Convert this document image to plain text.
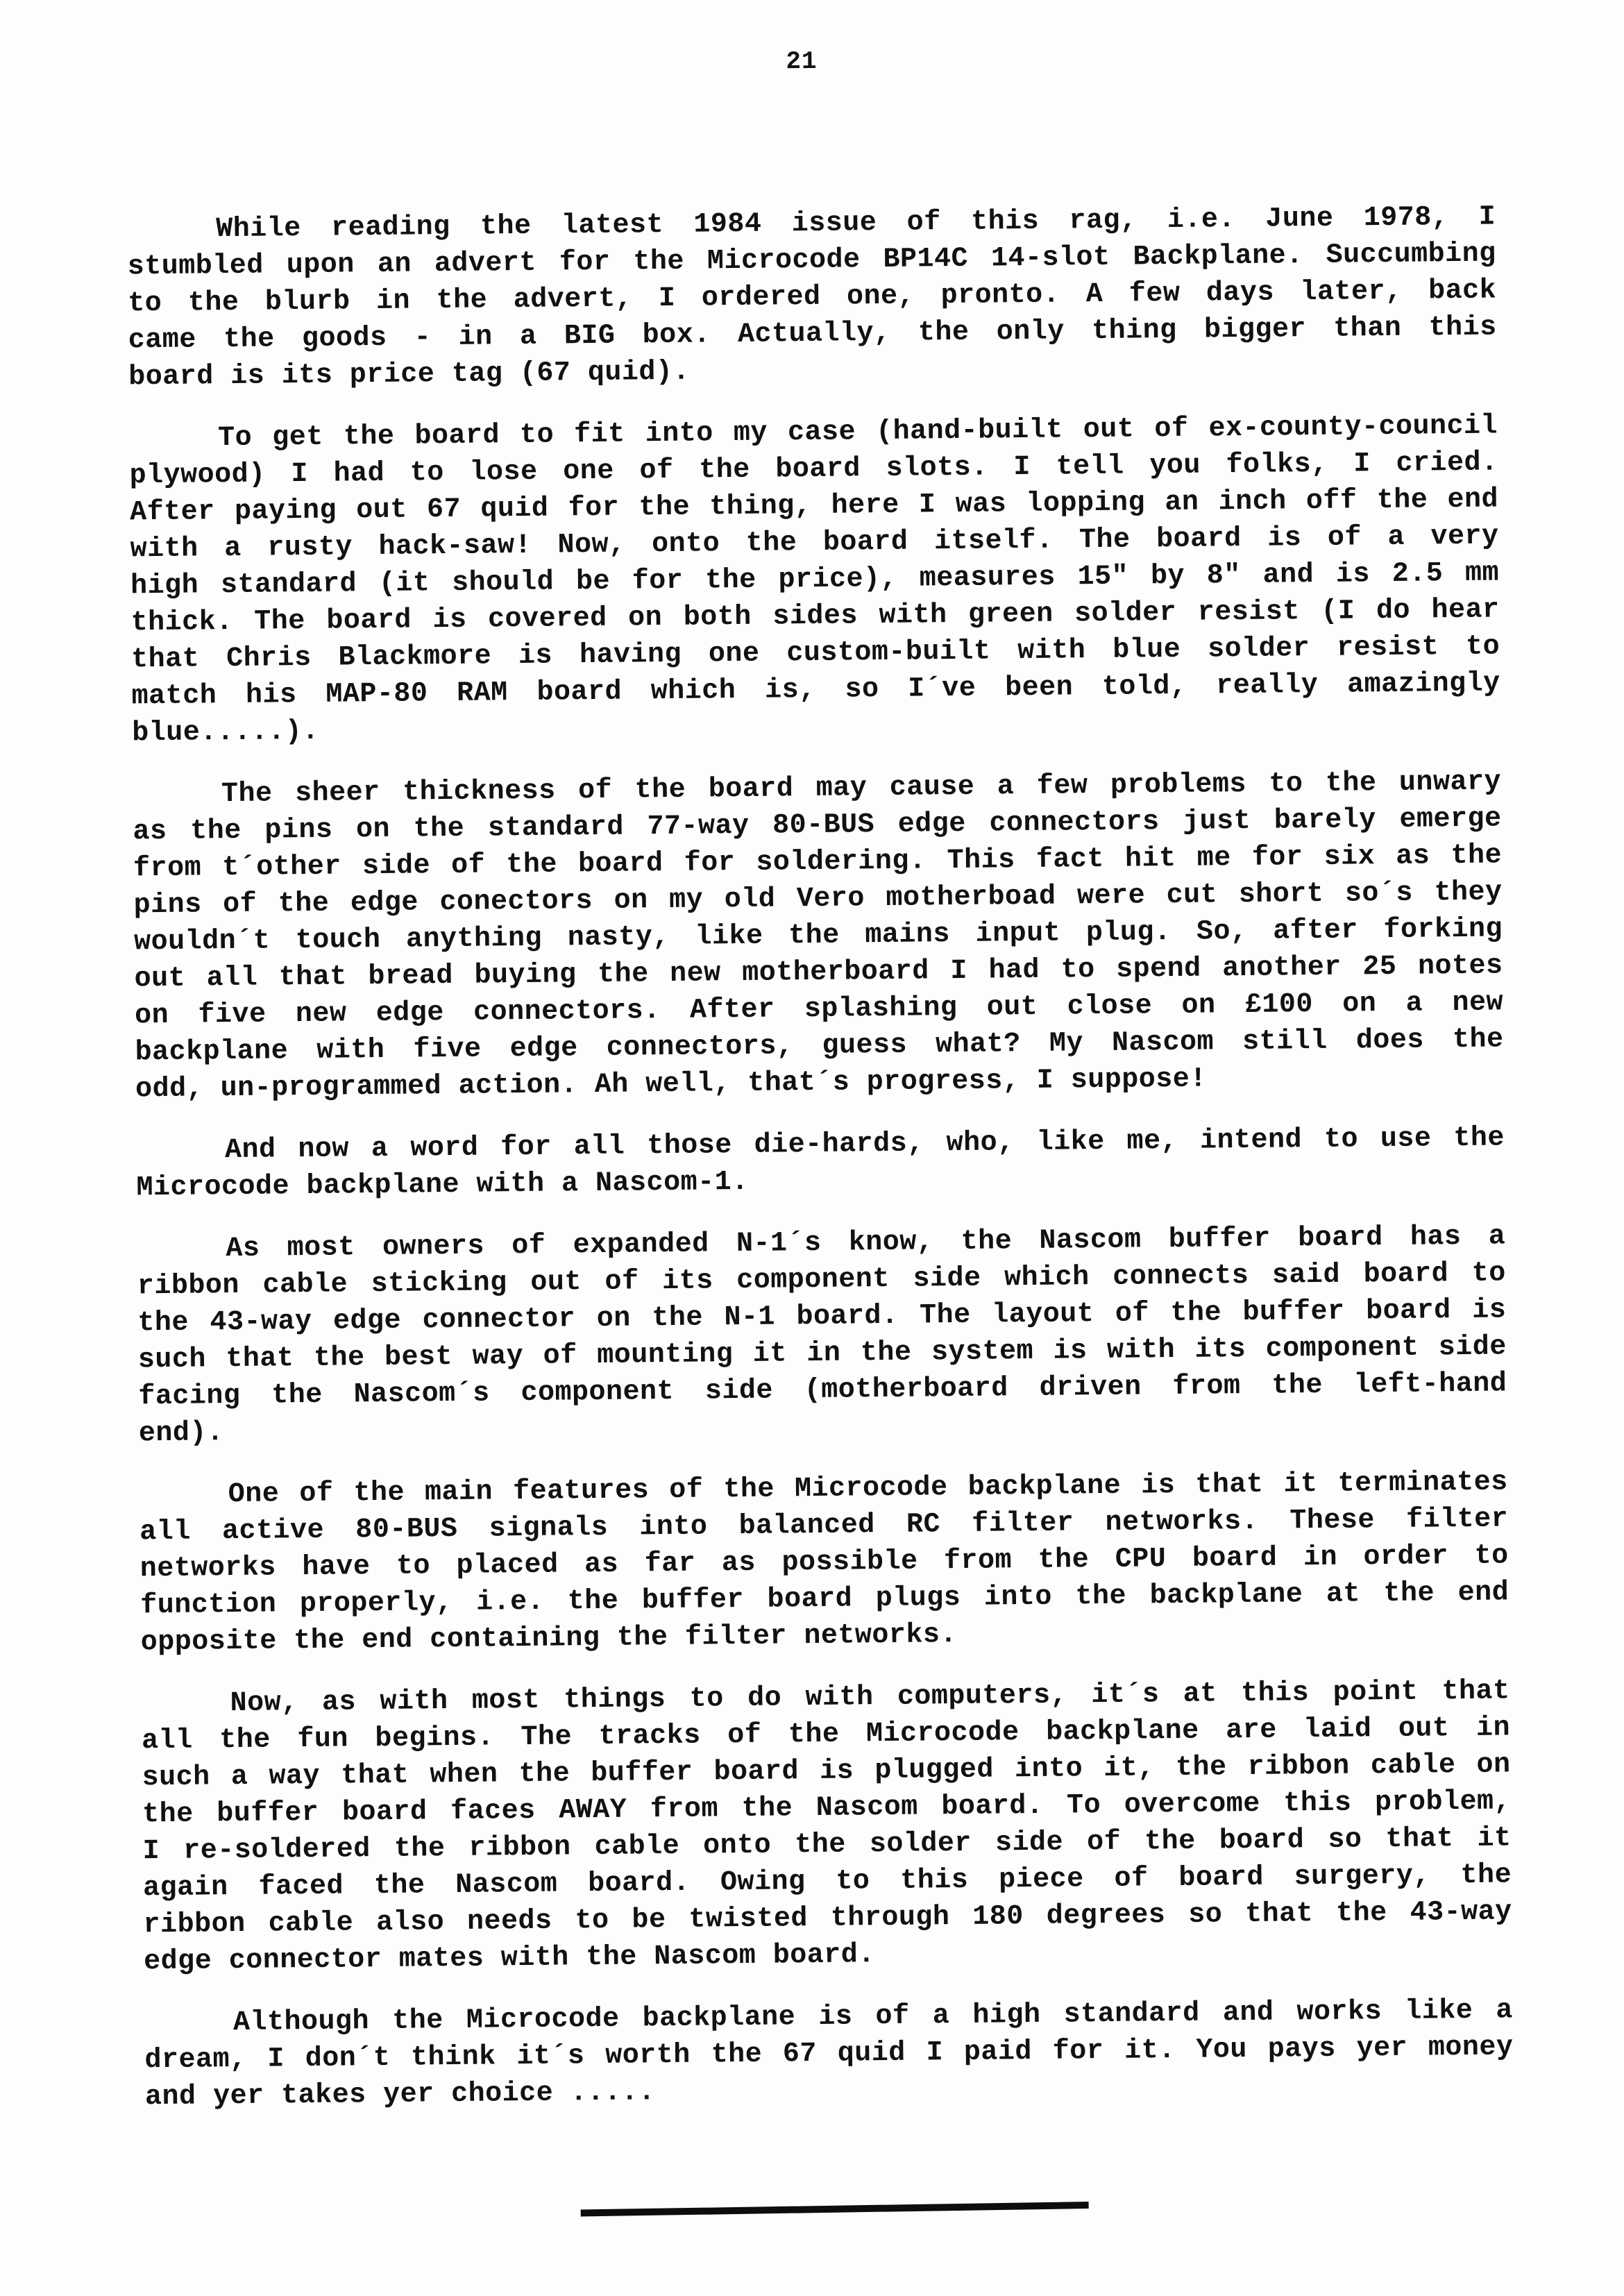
21

While reading the latest 1984 issue of this rag, i.e. June 1978, I
stumbled upon an advert for the Microcode BP14C 14-slot Backplane. Succumbing
to the blurb in the advert, I ordered one, pronto. A few days later, back
came the goods - in a BIG box. Actually, the only thing bigger than this
board is its price tag (67 quid).

To get the board to fit into my case (hand-built out of ex-county-council
plywood) I had to lose one of the board slots. I tell you folks, I cried.
After paying out 67 quid for the thing, here I was lopping an inch off the end
with a rusty hack-saw! Now, onto the board itself. The board is of a very
high standard (it should be for the price), measures 15" by 8" and is 2.5 mm
thick. The board is covered on both sides with green solder resist (I do hear
that Chris Blackmore is having one custom-built with blue solder resist to
match his MAP-80 RAM board which is, so I´ve been told, really amazingly
blue.....).

The sheer thickness of the board may cause a few problems to the unwary
as the pins on the standard 77-way 80-BUS edge connectors just barely emerge
from t´other side of the board for soldering. This fact hit me for six as the
pins of the edge conectors on my old Vero motherboad were cut short so´s they
wouldn´t touch anything nasty, like the mains input plug. So, after forking
out all that bread buying the new motherboard I had to spend another 25 notes
on five new edge connectors. After splashing out close on £100 on a new
backplane with five edge connectors, guess what? My Nascom still does the
odd, un-programmed action. Ah well, that´s progress, I suppose!

And now a word for all those die-hards, who, like me, intend to use the
Microcode backplane with a Nascom-1.

As most owners of expanded N-1´s know, the Nascom buffer board has a
ribbon cable sticking out of its component side which connects said board to
the 43-way edge connector on the N-1 board. The layout of the buffer board is
such that the best way of mounting it in the system is with its component side
facing the Nascom´s component side (motherboard driven from the left-hand
end).

One of the main features of the Microcode backplane is that it terminates
all active 80-BUS signals into balanced RC filter networks. These filter
networks have to placed as far as possible from the CPU board in order to
function properly, i.e. the buffer board plugs into the backplane at the end
opposite the end containing the filter networks.

Now, as with most things to do with computers, it´s at this point that
all the fun begins. The tracks of the Microcode backplane are laid out in
such a way that when the buffer board is plugged into it, the ribbon cable on
the buffer board faces AWAY from the Nascom board. To overcome this problem,
I re-soldered the ribbon cable onto the solder side of the board so that it
again faced the Nascom board. Owing to this piece of board surgery, the
ribbon cable also needs to be twisted through 180 degrees so that the 43-way
edge connector mates with the Nascom board.

Although the Microcode backplane is of a high standard and works like a
dream, I don´t think it´s worth the 67 quid I paid for it. You pays yer money
and yer takes yer choice .....
